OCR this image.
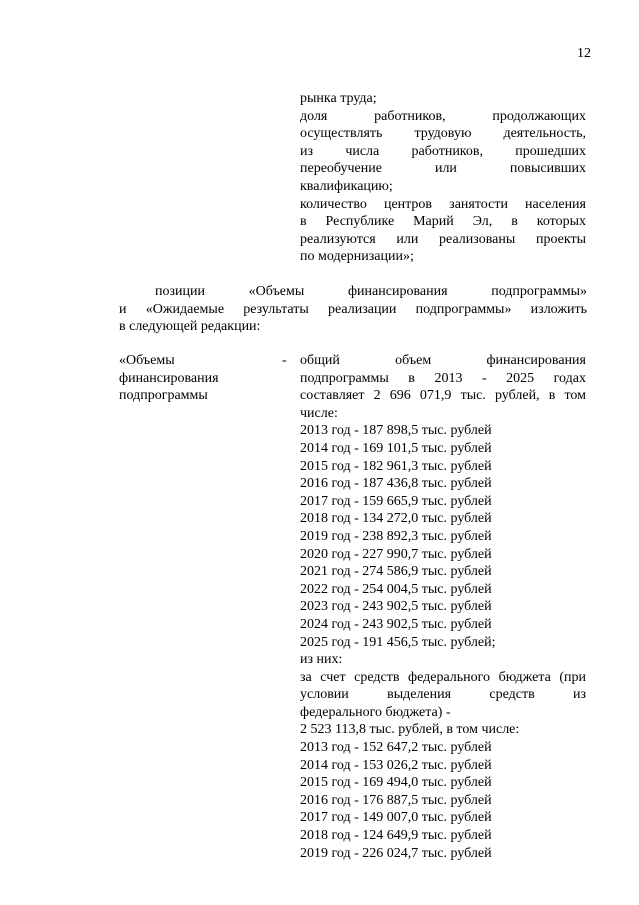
12

рынка труда;

доля работников, продолжающих

осуществлять трудовую деятельность,

из числа работников, прошедших

переобучение или повысивших

квалификацию;

количество центров занятости населения

в Республике Марий Эл, в которых

реализуются или реализованы проекты

по модернизации»;

позиции «Объемы финансирования подпрограммы»

и «Ожидаемые результаты реализации подпрограммы» изложить

в следующей редакции:

«Объемы

финансирования

подпрограммы

- общий объем финансирования

подпрограммы в 2013 - 2025 годах

составляет 2 696 071,9 тыс. рублей, в том

числе:

2013 год - 187 898,5 тыс. рублей

2014 год - 169 101,5 тыс. рублей

2015 год - 182 961,3 тыс. рублей

2016 год - 187 436,8 тыс. рублей

2017 год - 159 665,9 тыс. рублей

2018 год - 134 272,0 тыс. рублей

2019 год - 238 892,3 тыс. рублей

2020 год - 227 990,7 тыс. рублей

2021 год - 274 586,9 тыс. рублей

2022 год - 254 004,5 тыс. рублей

2023 год - 243 902,5 тыс. рублей

2024 год - 243 902,5 тыс. рублей

2025 год - 191 456,5 тыс. рублей;

из них:

за счет средств федерального бюджета (при

условии выделения средств из

федерального бюджета) -

2 523 113,8 тыс. рублей, в том числе:

2013 год - 152 647,2 тыс. рублей

2014 год - 153 026,2 тыс. рублей

2015 год - 169 494,0 тыс. рублей

2016 год - 176 887,5 тыс. рублей

2017 год - 149 007,0 тыс. рублей

2018 год - 124 649,9 тыс. рублей

2019 год - 226 024,7 тыс. рублей
